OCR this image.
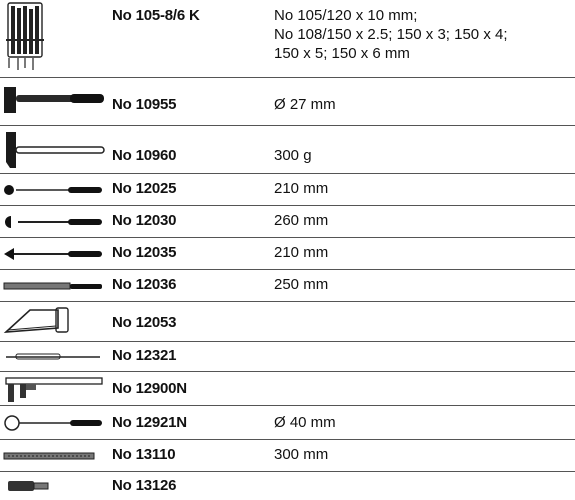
No 105-8/6 K	No 105/120 x 10 mm;
No 108/150 x 2.5; 150 x 3; 150 x 4;
150 x 5; 150 x 6 mm
No 10955	Ø 27 mm
No 10960	300 g
No 12025	210 mm
No 12030	260 mm
No 12035	210 mm
No 12036	250 mm
No 12053
No 12321
No 12900N
No 12921N	Ø 40 mm
No 13110	300 mm
No 13126
